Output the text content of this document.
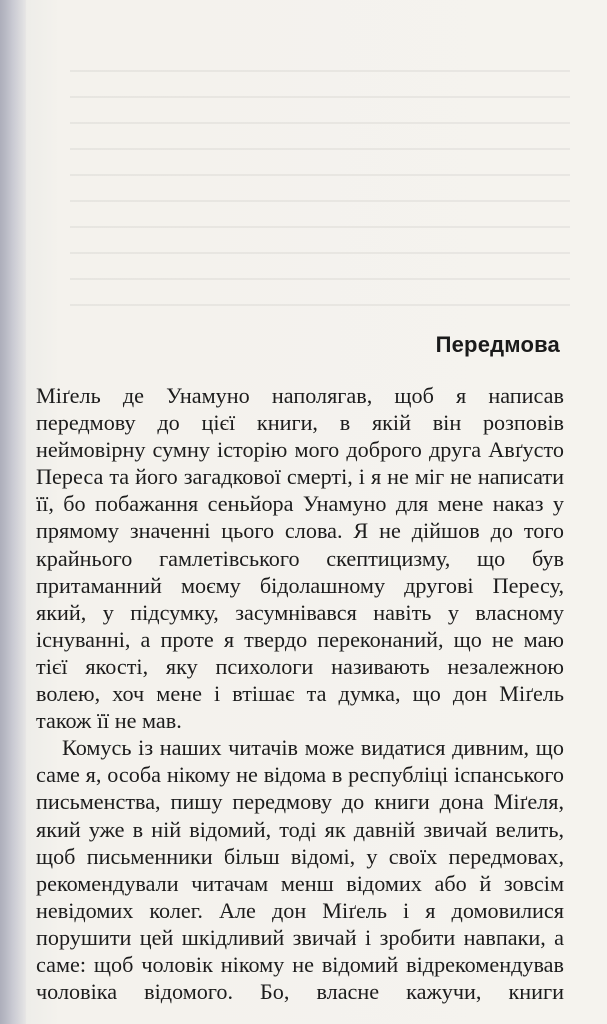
Передмова

Міґель де Унамуно наполягав, щоб я написав передмову до цієї книги, в якій він розповів неймовірну сумну історію мого доброго друга Авґусто Переса та його загадкової смерті, і я не міг не написати її, бо побажання сеньйора Унамуно для мене наказ у прямому значенні цього слова. Я не дійшов до того крайнього гамлетівського скептицизму, що був притаманний моєму бідолашному другові Пересу, який, у підсумку, засумнівався навіть у власному існуванні, а проте я твердо переконаний, що не маю тієї якості, яку психологи називають незалежною волею, хоч мене і втішає та думка, що дон Міґель також її не мав.

Комусь із наших читачів може видатися дивним, що саме я, особа нікому не відома в республіці іспанського письменства, пишу передмову до книги дона Міґеля, який уже в ній відомий, тоді як давній звичай велить, щоб письменники більш відомі, у своїх передмовах, рекомендували читачам менш відомих або й зовсім невідомих колег. Але дон Міґель і я домовилися порушити цей шкідливий звичай і зробити навпаки, а саме: щоб чоловік нікому не відомий відрекомендував чоловіка відомого. Бо, власне кажучи, книги
